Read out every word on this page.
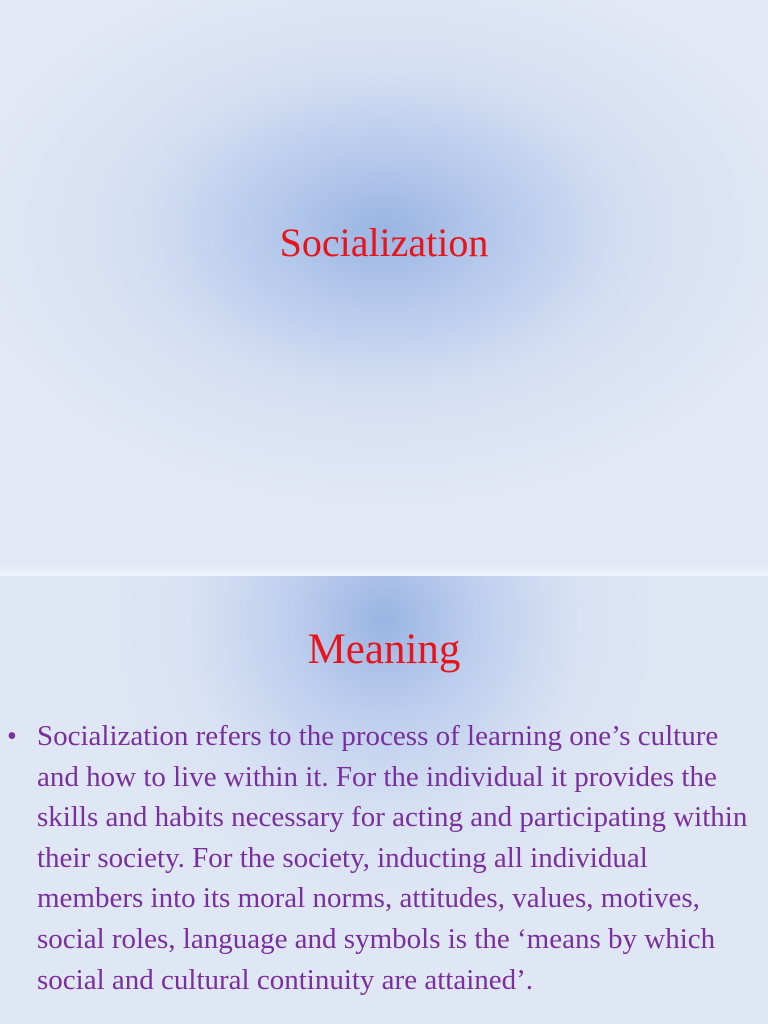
Socialization
Meaning
• Socialization refers to the process of learning one’s culture and how to live within it. For the individual it provides the skills and habits necessary for acting and participating within their society. For the society, inducting all individual members into its moral norms, attitudes, values, motives, social roles, language and symbols is the ‘means by which social and cultural continuity are attained’.
